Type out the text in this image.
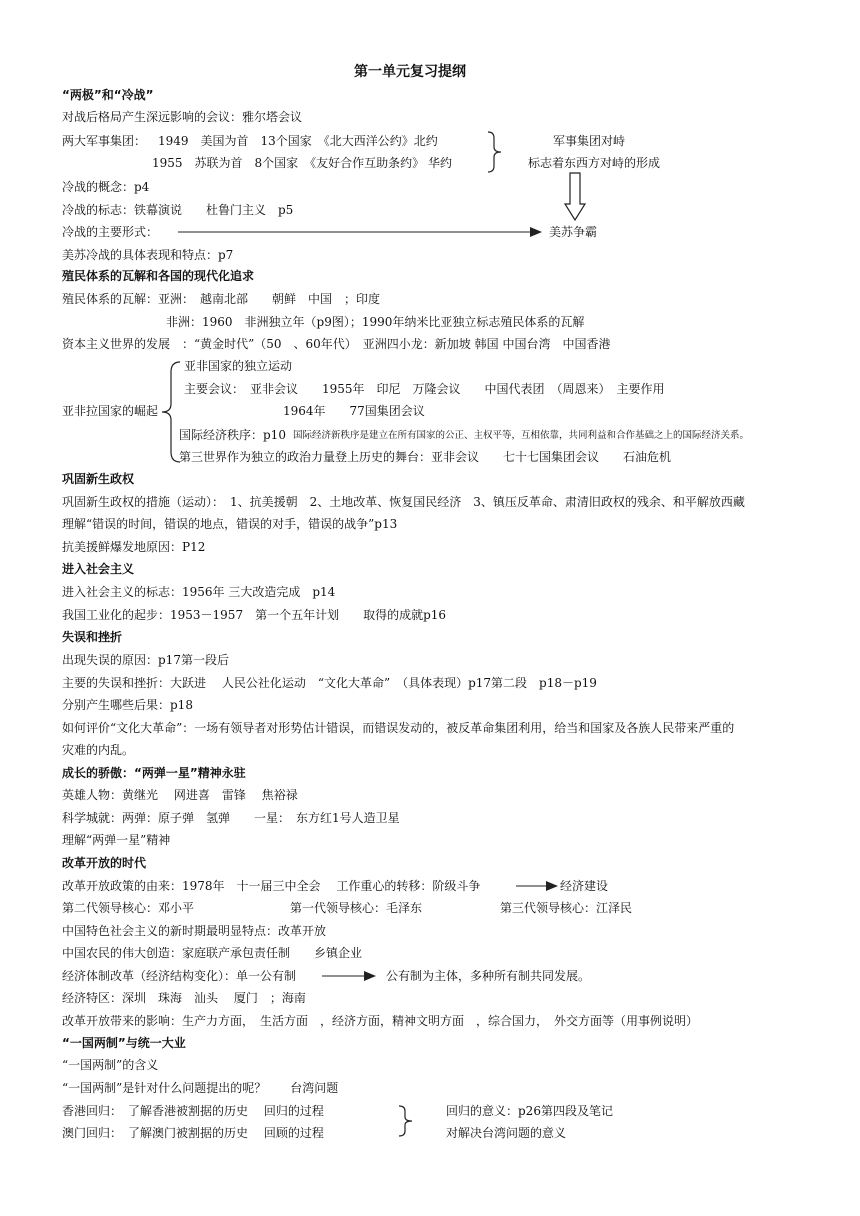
第一单元复习提纲
“两极”和“冷战”
对战后格局产生深远影响的会议：雅尔塔会议
两大军事集团： 1949　美国为首　13个国家　《北大西洋公约》北约
1955　苏联为首　8个国家　《友好合作互助条约》 华约
军事集团对峙
标志着东西方对峙的形成
冷战的概念：p4
冷战的标志：铁幕演说　　杜鲁门主义　p5
冷战的主要形式：	美苏争霸
美苏冷战的具体表现和特点：p7
殖民体系的瓦解和各国的现代化追求
殖民体系的瓦解：亚洲：　越南北部　　朝鲜　中国　；印度
非洲：1960　非洲独立年（p9图）；1990年纳米比亚独立标志殖民体系的瓦解
资本主义世界的发展　：“黄金时代”（50　、60年代）　亚洲四小龙：新加坡 韩国 中国台湾　中国香港
亚非拉国家的崛起
亚非国家的独立运动
主要会议：　亚非会议　　1955年　印尼　万隆会议　　中国代表团　（周恩来）　主要作用
1964年　　77国集团会议
国际经济秩序：p10 国际经济新秩序是建立在所有国家的公正、主权平等，互相依靠，共同利益和合作基础之上的国际经济关系。
第三世界作为独立的政治力量登上历史的舞台：亚非会议　　七十七国集团会议　　石油危机
巩固新生政权
巩固新生政权的措施（运动）：　1、抗美援朝　2、土地改革、恢复国民经济　3、镇压反革命、肃清旧政权的残余、和平解放西藏
理解“错误的时间，错误的地点，错误的对手，错误的战争”p13
抗美援鲜爆发地原因：P12
进入社会主义
进入社会主义的标志：1956年 三大改造完成　p14
我国工业化的起步：1953－1957　第一个五年计划　　取得的成就p16
失误和挫折
出现失误的原因：p17第一段后
主要的失误和挫折：大跃进　 人民公社化运动　“文化大革命”　（具体表现）p17第二段　p18－p19
分别产生哪些后果：p18
如何评价“文化大革命”：一场有领导者对形势估计错误，而错误发动的，被反革命集团利用，给当和国家及各族人民带来严重的
灾难的内乱。
成长的骄傲：“两弹一星”精神永驻
英雄人物：黄继光　 网进喜　雷锋　 焦裕禄
科学城就：两弹：原子弹　氢弹　　一星：　东方红1号人造卫星
理解“两弹一星”精神
改革开放的时代
改革开放政策的由来：1978年　十一届三中全会　 工作重心的转移：阶级斗争	经济建设
第二代领导核心：邓小平	第一代领导核心：毛泽东	第三代领导核心：江泽民
中国特色社会主义的新时期最明显特点：改革开放
中国农民的伟大创造：家庭联产承包责任制　　乡镇企业
经济体制改革（经济结构变化）：单一公有制	公有制为主体，多种所有制共同发展。
经济特区：深圳　珠海　汕头　 厦门　；海南
改革开放带来的影响：生产力方面，　生活方面　，经济方面，精神文明方面　，综合国力，　外交方面等（用事例说明）
“一国两制”与统一大业
“一国两制”的含义
“一国两制”是针对什么问题提出的呢？　　台湾问题
香港回归：　了解香港被割据的历史　 回归的过程
澳门回归：　了解澳门被割据的历史　 回顾的过程
回归的意义：p26第四段及笔记
对解决台湾问题的意义
